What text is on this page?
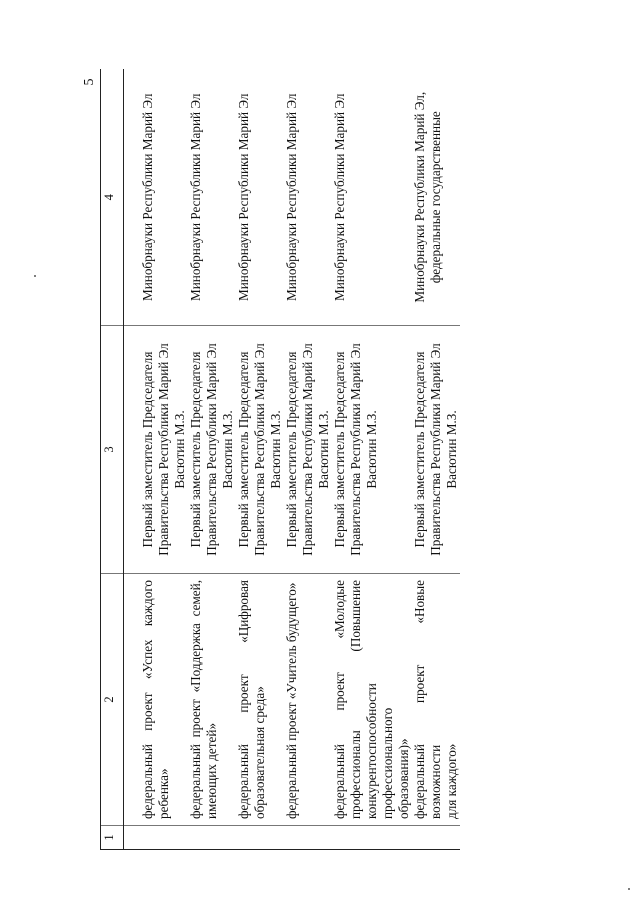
5
1	2	3	4

	федеральный проект «Успех каждого ребенка»	Первый заместитель Председателя Правительства Республики Марий Эл Васютин М.З.	Минобрнауки Республики Марий Эл

	федеральный проект «Поддержка семей, имеющих детей»	Первый заместитель Председателя Правительства Республики Марий Эл Васютин М.З.	Минобрнауки Республики Марий Эл

	федеральный проект «Цифровая образовательная среда»	Первый заместитель Председателя Правительства Республики Марий Эл Васютин М.З.	Минобрнауки Республики Марий Эл

	федеральный проект «Учитель будущего»	Первый заместитель Председателя Правительства Республики Марий Эл Васютин М.З.	Минобрнауки Республики Марий Эл

	федеральный проект «Молодые профессионалы (Повышение конкурентоспособности профессионального образования)»	Первый заместитель Председателя Правительства Республики Марий Эл Васютин М.З.	Минобрнауки Республики Марий Эл

	федеральный проект «Новые возможности для каждого»	Первый заместитель Председателя Правительства Республики Марий Эл Васютин М.З.	Минобрнауки Республики Марий Эл, федеральные государственные
